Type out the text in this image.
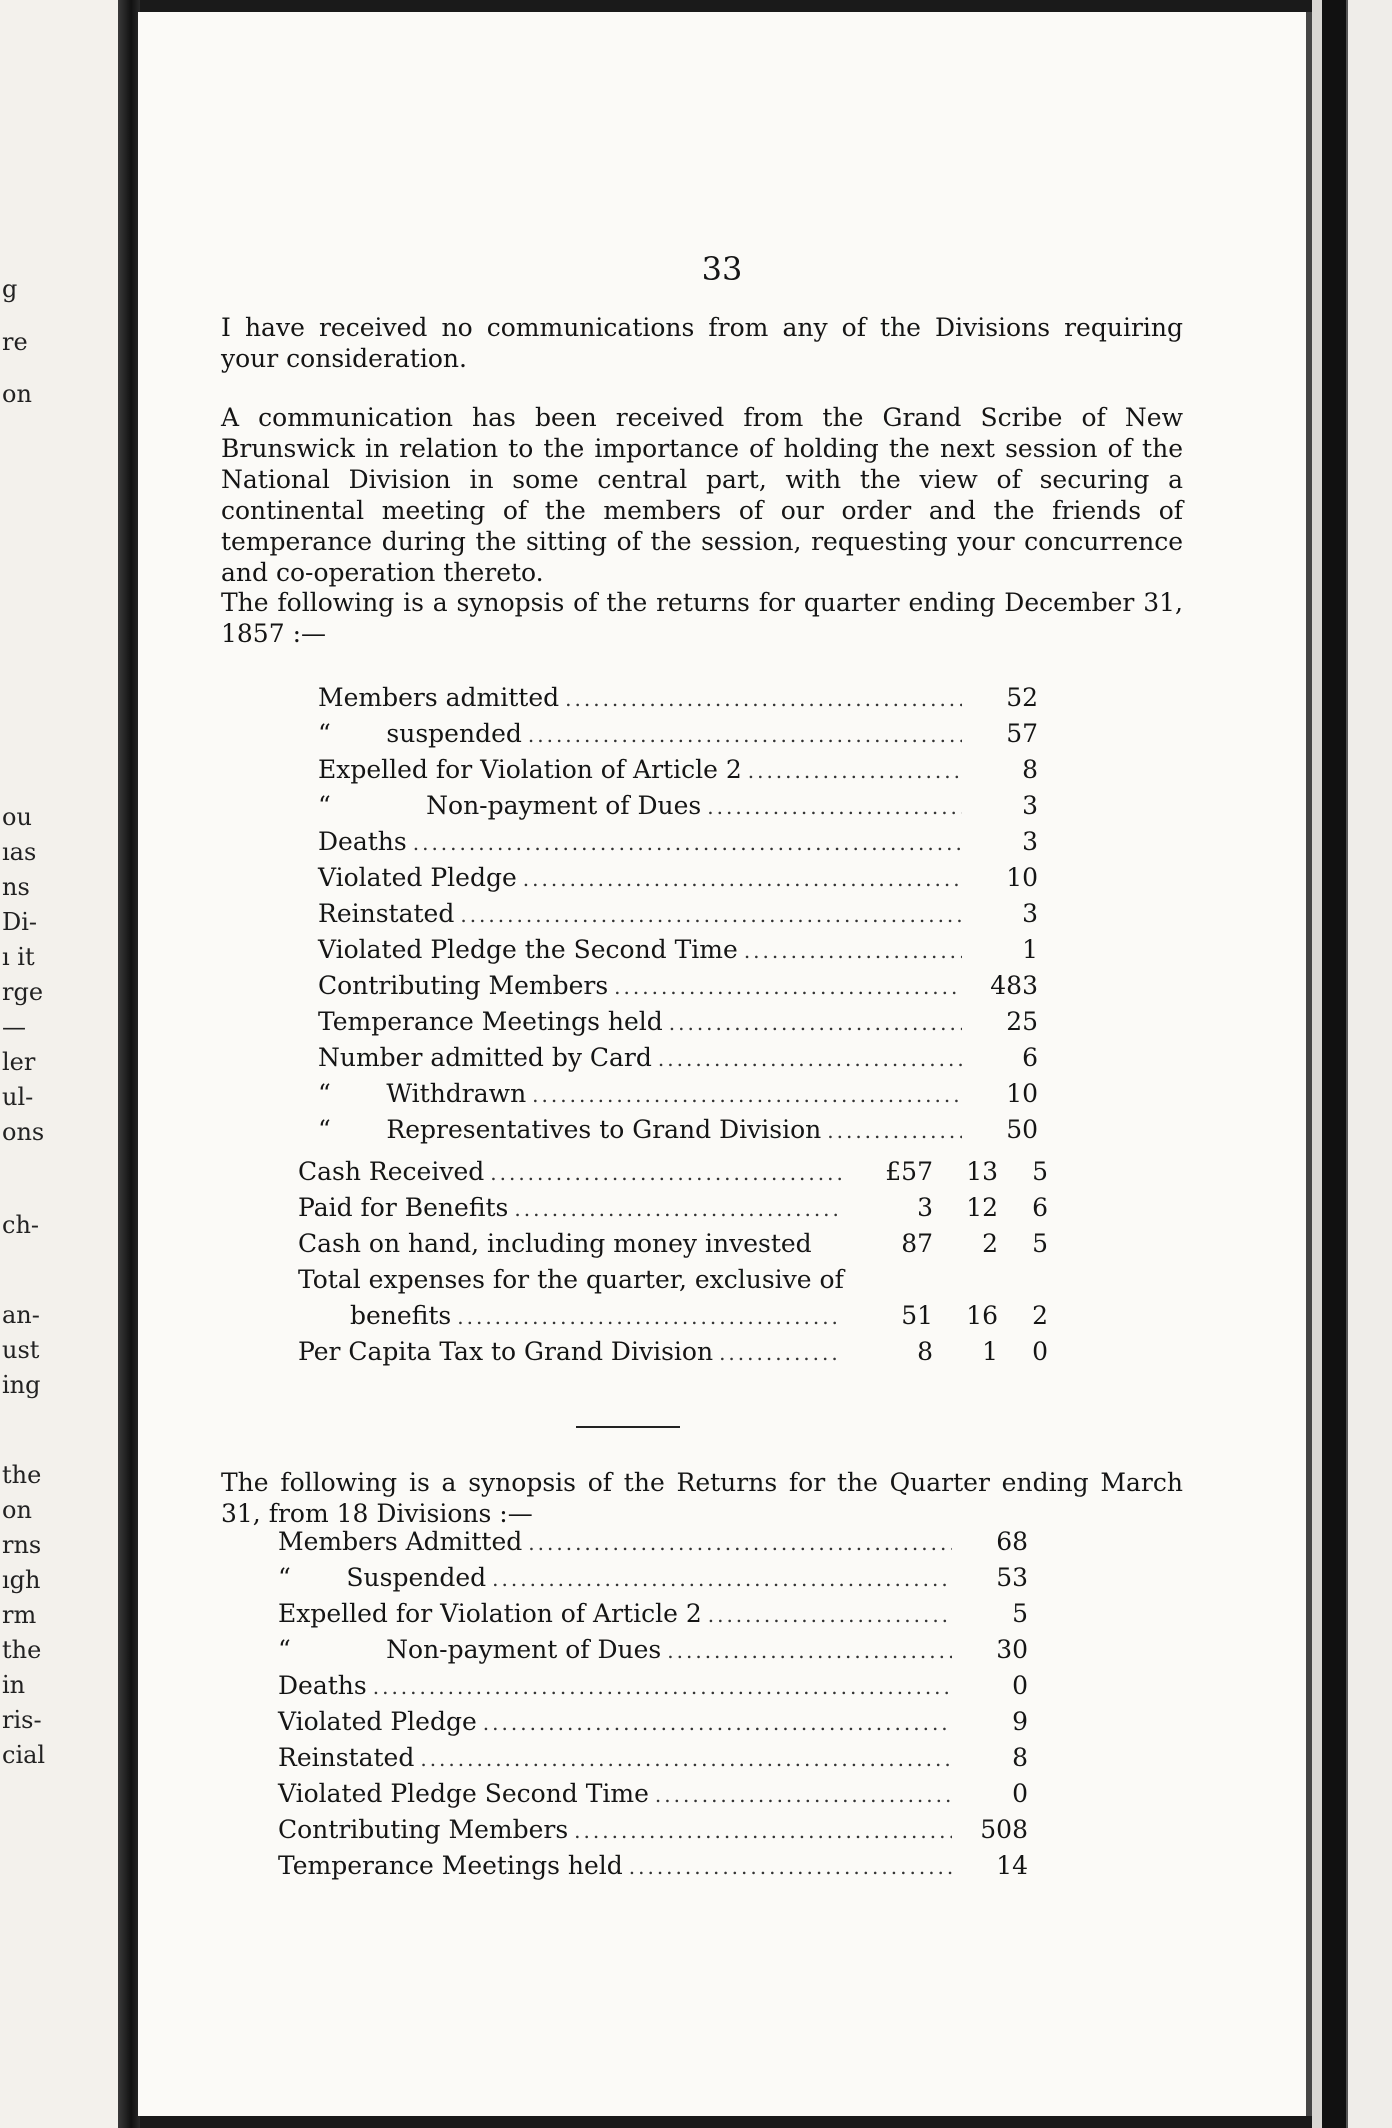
g
re
on
ou
ıas
ns
Di-
ı it
rge
—
ler
ul-
ons
ch-
an-
ust
ing
the
on
rns
ıgh
rm
the
in
ris-
cial
33
I have received no communications from any of the Divisions requiring your consideration.
A communication has been received from the Grand Scribe of New Brunswick in relation to the importance of holding the next session of the National Division in some central part, with the view of securing a continental meeting of the members of our order and the friends of temperance during the sitting of the session, requesting your concurrence and co-operation thereto.
The following is a synopsis of the returns for quarter ending December 31, 1857 :—
Members admitted .....	52
“       suspended .....	57
Expelled for Violation of Article 2 .....	8
“            Non-payment of Dues .....	3
Deaths .....	3
Violated Pledge .....	10
Reinstated .....	3
Violated Pledge the Second Time .....	1
Contributing Members .....	483
Temperance Meetings held .....	25
Number admitted by Card .....	6
“       Withdrawn .....	10
“       Representatives to Grand Division .....	50
Cash Received .....	£57	13	5
Paid for Benefits .....	3	12	6
Cash on hand, including money invested	87	2	5
Total expenses for the quarter, exclusive of
benefits .....	51	16	2
Per Capita Tax to Grand Division .....	8	1	0
The following is a synopsis of the Returns for the Quarter ending March 31, from 18 Divisions :—
Members Admitted .....	68
“       Suspended .....	53
Expelled for Violation of Article 2 .....	5
“            Non-payment of Dues .....	30
Deaths .....	0
Violated Pledge .....	9
Reinstated .....	8
Violated Pledge Second Time .....	0
Contributing Members .....	508
Temperance Meetings held .....	14
